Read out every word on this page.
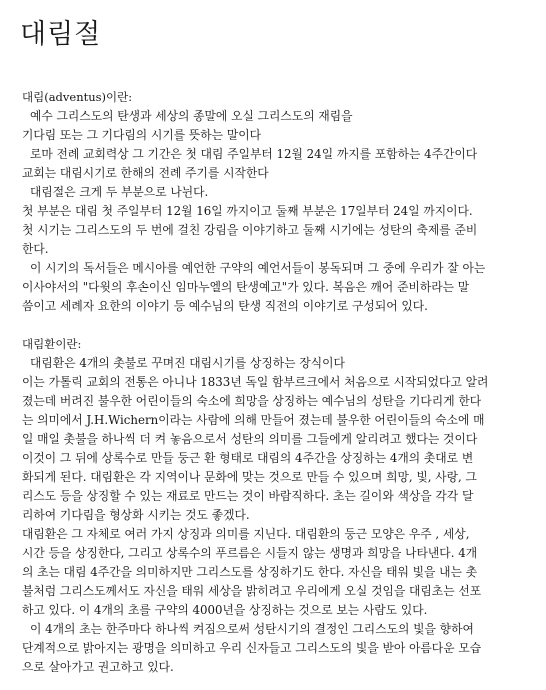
대림절

대림(adventus)이란:

예수 그리스도의 탄생과 세상의 종말에 오실 그리스도의 재림을

기다림 또는 그 기다림의 시기를 뜻하는 말이다

로마 전례 교회력상 그 기간은 첫 대림 주일부터 12월 24일 까지를 포함하는 4주간이다

교회는 대림시기로 한해의 전례 주기를 시작한다

대림절은 크게 두 부분으로 나뉜다.

첫 부분은 대림 첫 주일부터 12월 16일 까지이고 둘째 부분은 17일부터 24일 까지이다.

첫 시기는 그리스도의 두 번에 걸친 강림을 이야기하고 둘째 시기에는 성탄의 축제를 준비

한다.

이 시기의 독서들은 메시아를 예언한 구약의 예언서들이 봉독되며 그 중에 우리가 잘 아는

이사야서의 "다윗의 후손이신 임마누엘의 탄생예고"가 있다. 복음은 깨어 준비하라는 말

씀이고 세례자 요한의 이야기 등 예수님의 탄생 직전의 이야기로 구성되어 있다.

대림환이란:

대림환은 4개의 촛불로 꾸며진 대림시기를 상징하는 장식이다

이는 가톨릭 교회의 전통은 아니나 1833년 독일 함부르크에서 처음으로 시작되었다고 알려

졌는데 버려진 불우한 어린이들의 숙소에 희망을 상징하는 예수님의 성탄을 기다리게 한다

는 의미에서 J.H.Wichern이라는 사람에 의해 만들어 졌는데 불우한 어린이들의 숙소에 매

일 매일 촛불을 하나씩 더 켜 놓음으로서 성탄의 의미를 그들에게 알리려고 했다는 것이다

이것이 그 뒤에 상록수로 만들 둥근 환 형태로 대림의 4주간을 상징하는 4개의 촛대로 변

화되게 된다. 대림환은 각 지역이나 문화에 맞는 것으로 만들 수 있으며 희망, 빛, 사랑, 그

리스도 등을 상징할 수 있는 재료로 만드는 것이 바람직하다. 초는 길이와 색상을 각각 달

리하여 기다림을 형상화 시키는 것도 좋겠다.

대림환은 그 자체로 여러 가지 상징과 의미를 지닌다. 대림환의 둥근 모양은 우주 , 세상,

시간 등을 상징한다, 그리고 상록수의 푸르름은 시들지 않는 생명과 희망을 나타낸다. 4개

의 초는 대림 4주간을 의미하지만 그리스도를 상징하기도 한다. 자신을 태워 빛을 내는 촛

불처럼 그리스도께서도 자신을 태워 세상을 밝히려고 우리에게 오실 것임을 대림초는 선포

하고 있다. 이 4개의 초를 구약의 4000년을 상징하는 것으로 보는 사람도 있다.

이 4개의 초는 한주마다 하나씩 켜짐으로써 성탄시기의 결정인 그리스도의 빛을 향하여

단계적으로 밝아지는 광명을 의미하고 우리 신자들고 그리스도의 빛을 받아 아름다운 모습

으로 살아가고 권고하고 있다.
